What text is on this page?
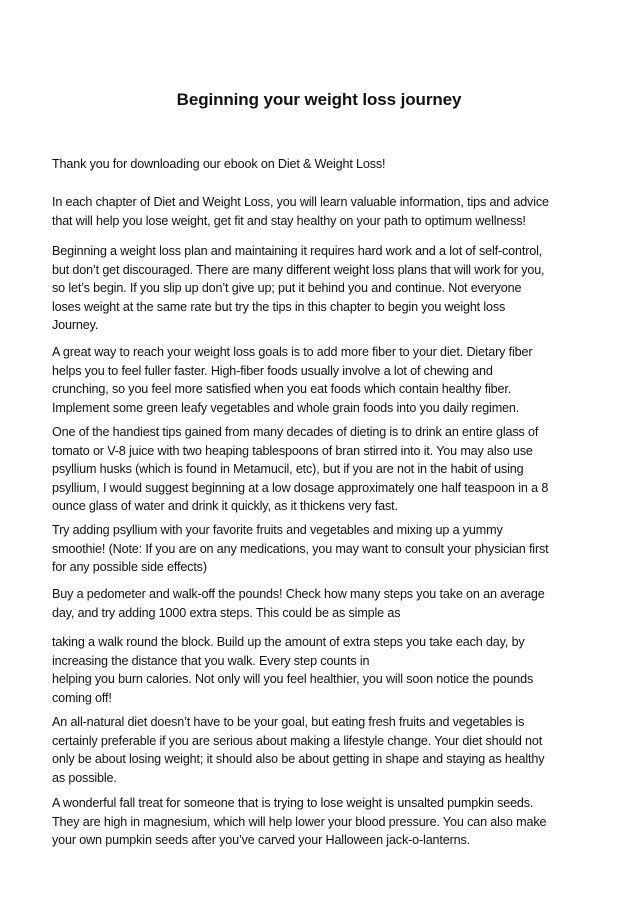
Beginning your weight loss journey

Thank you for downloading our ebook on Diet & Weight Loss!

In each chapter of Diet and Weight Loss, you will learn valuable information, tips and advice
that will help you lose weight, get fit and stay healthy on your path to optimum wellness!

Beginning a weight loss plan and maintaining it requires hard work and a lot of self-control,
but don’t get discouraged. There are many different weight loss plans that will work for you,
so let’s begin. If you slip up don’t give up; put it behind you and continue. Not everyone
loses weight at the same rate but try the tips in this chapter to begin you weight loss
Journey.

A great way to reach your weight loss goals is to add more fiber to your diet. Dietary fiber
helps you to feel fuller faster. High-fiber foods usually involve a lot of chewing and
crunching, so you feel more satisfied when you eat foods which contain healthy fiber.
Implement some green leafy vegetables and whole grain foods into you daily regimen.

One of the handiest tips gained from many decades of dieting is to drink an entire glass of
tomato or V-8 juice with two heaping tablespoons of bran stirred into it. You may also use
psyllium husks (which is found in Metamucil, etc), but if you are not in the habit of using
psyllium, I would suggest beginning at a low dosage approximately one half teaspoon in a 8
ounce glass of water and drink it quickly, as it thickens very fast.

Try adding psyllium with your favorite fruits and vegetables and mixing up a yummy
smoothie! (Note: If you are on any medications, you may want to consult your physician first
for any possible side effects)

Buy a pedometer and walk-off the pounds! Check how many steps you take on an average
day, and try adding 1000 extra steps. This could be as simple as

taking a walk round the block. Build up the amount of extra steps you take each day, by
increasing the distance that you walk. Every step counts in
helping you burn calories. Not only will you feel healthier, you will soon notice the pounds
coming off!

An all-natural diet doesn’t have to be your goal, but eating fresh fruits and vegetables is
certainly preferable if you are serious about making a lifestyle change. Your diet should not
only be about losing weight; it should also be about getting in shape and staying as healthy
as possible.

A wonderful fall treat for someone that is trying to lose weight is unsalted pumpkin seeds.
They are high in magnesium, which will help lower your blood pressure. You can also make
your own pumpkin seeds after you’ve carved your Halloween jack-o-lanterns.
